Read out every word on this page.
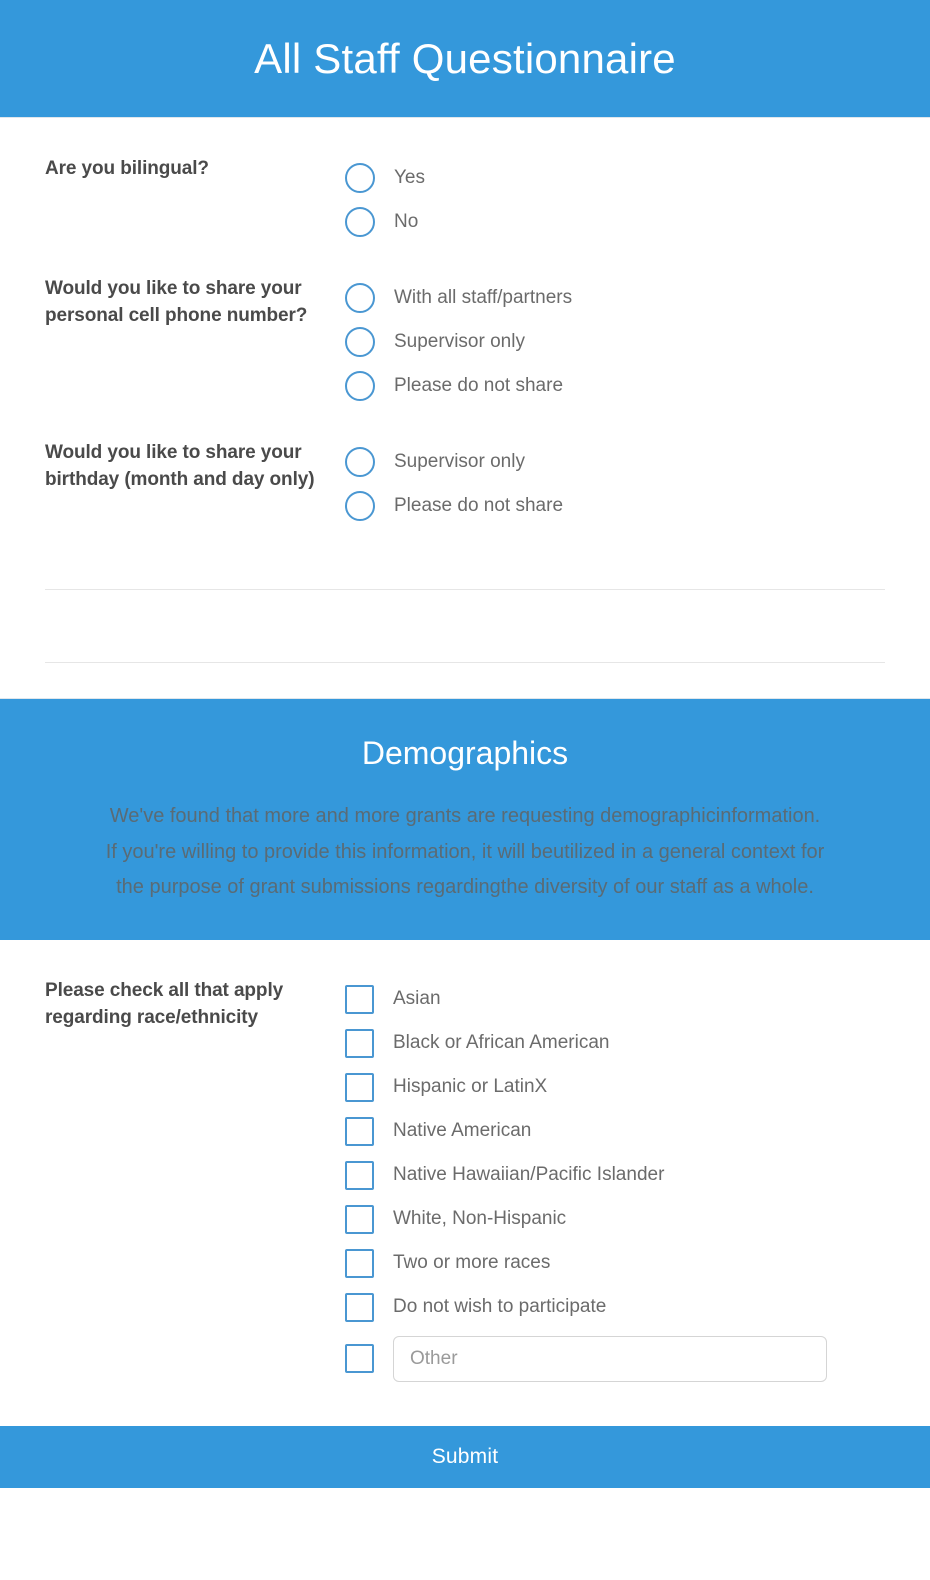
All Staff Questionnaire
Are you bilingual?	Yes
No
Would you like to share your personal cell phone number?
With all staff/partners
Supervisor only
Please do not share
Would you like to share your birthday (month and day only)
Supervisor only
Please do not share
Demographics
We've found that more and more grants are requesting demographicinformation.
If you're willing to provide this information, it will beutilized in a general context for
the purpose of grant submissions regardingthe diversity of our staff as a whole.
Please check all that apply regarding race/ethnicity
Asian
Black or African American
Hispanic or LatinX
Native American
Native Hawaiian/Pacific Islander
White, Non-Hispanic
Two or more races
Do not wish to participate
Other
Submit
